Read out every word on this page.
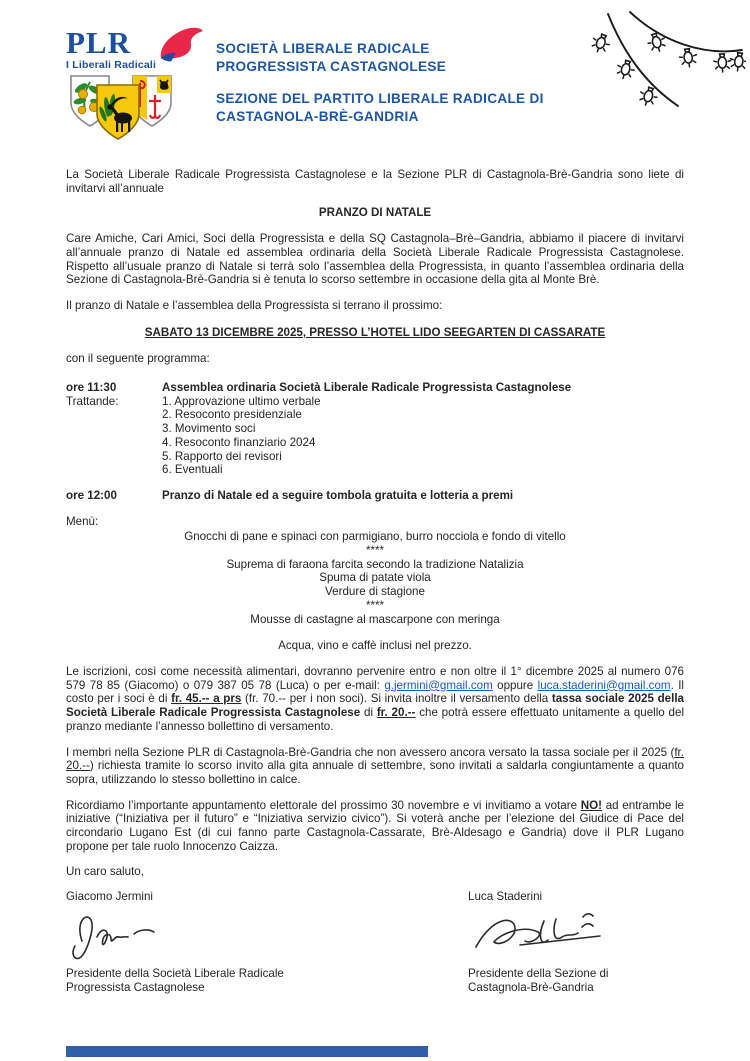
PLR
I Liberali Radicali
SOCIETÀ LIBERALE RADICALE
PROGRESSISTA CASTAGNOLESE
SEZIONE DEL PARTITO LIBERALE RADICALE DI
CASTAGNOLA-BRÈ-GANDRIA

La Società Liberale Radicale Progressista Castagnolese e la Sezione PLR di Castagnola-Brè-Gandria sono liete di invitarvi all’annuale

PRANZO DI NATALE

Care Amiche, Cari Amici, Soci della Progressista e della SQ Castagnola–Brè–Gandria, abbiamo il piacere di invitarvi all’annuale pranzo di Natale ed assemblea ordinaria della Società Liberale Radicale Progressista Castagnolese. Rispetto all’usuale pranzo di Natale si terrà solo l’assemblea della Progressista, in quanto l’assemblea ordinaria della Sezione di Castagnola-Brè-Gandria si è tenuta lo scorso settembre in occasione della gita al Monte Brè.

Il pranzo di Natale e l’assemblea della Progressista si terrano il prossimo:

SABATO 13 DICEMBRE 2025, PRESSO L’HOTEL LIDO SEEGARTEN DI CASSARATE

con il seguente programma:

ore 11:30	Assemblea ordinaria Società Liberale Radicale Progressista Castagnolese
Trattande:	1. Approvazione ultimo verbale
2. Resoconto presidenziale
3. Movimento soci
4. Resoconto finanziario 2024
5. Rapporto dei revisori
6. Eventuali
ore 12:00	Pranzo di Natale ed a seguire tombola gratuita e lotteria a premi
Menù:
Gnocchi di pane e spinaci con parmigiano, burro nocciola e fondo di vitello
****
Suprema di faraona farcita secondo la tradizione Natalizia
Spuma di patate viola
Verdure di stagione
****
Mousse di castagne al mascarpone con meringa
Acqua, vino e caffè inclusi nel prezzo.

Le iscrizioni, così come necessità alimentari, dovranno pervenire entro e non oltre il 1° dicembre 2025 al numero 076 579 78 85 (Giacomo) o 079 387 05 78 (Luca) o per e-mail: g.jermini@gmail.com oppure luca.staderini@gmail.com. Il costo per i soci è di fr. 45.-- a prs (fr. 70.-- per i non soci). Si invita inoltre il versamento della tassa sociale 2025 della Società Liberale Radicale Progressista Castagnolese di fr. 20.-- che potrà essere effettuato unitamente a quello del pranzo mediante l’annesso bollettino di versamento.

I membri nella Sezione PLR di Castagnola-Brè-Gandria che non avessero ancora versato la tassa sociale per il 2025 (fr. 20.--) richiesta tramite lo scorso invito alla gita annuale di settembre, sono invitati a saldarla congiuntamente a quanto sopra, utilizzando lo stesso bollettino in calce.

Ricordiamo l’importante appuntamento elettorale del prossimo 30 novembre e vi invitiamo a votare NO! ad entrambe le iniziative (“Iniziativa per il futuro” e “Iniziativa servizio civico”). Si voterà anche per l’elezione del Giudice di Pace del circondario Lugano Est (di cui fanno parte Castagnola-Cassarate, Brè-Aldesago e Gandria) dove il PLR Lugano propone per tale ruolo Innocenzo Caizza.

Un caro saluto,

Giacomo Jermini
Presidente della Società Liberale Radicale
Progressista Castagnolese
Luca Staderini
Presidente della Sezione di
Castagnola-Brè-Gandria
